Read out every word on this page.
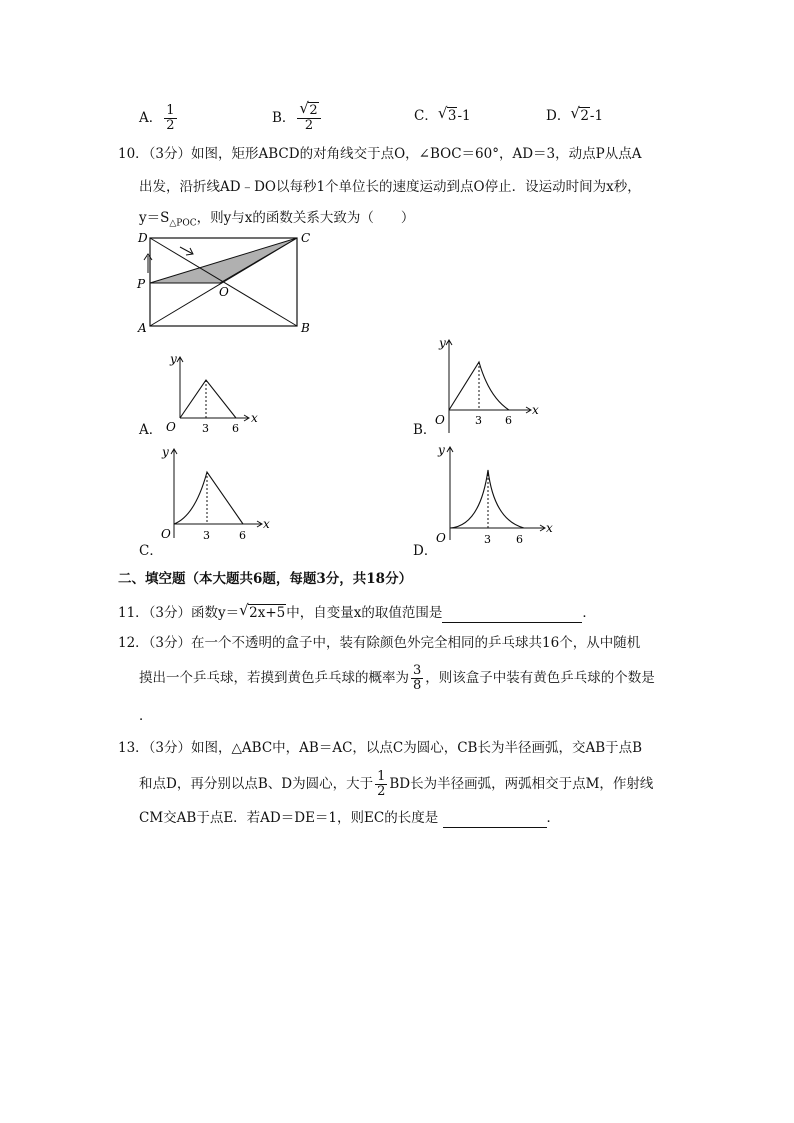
A． $\frac{1}{2}$	B． $\frac{√ 2}{2}$	C． √ 3-1	D． √ 2-1
10．（3分）如图，矩形ABCD的对角线交于点O，∠BOC＝60°，AD＝3，动点P从点A
出发，沿折线AD﹣DO以每秒1个单位长的速度运动到点O停止．设运动时间为x秒，
$y=S_{\triangle POC}$，则y与x的函数关系大致为（　　）
D	C
P
O
A	B
A．
y
x
O 3 6	B．
y
x
O	3 6
C．
y
x
O	3	6
D．
y
x
O	3 6
二、填空题（本大题共6题，每题3分，共18分）
11．（3分）函数y＝ √ 2x+5中，自变量x的取值范围是	．
12．（3分）在一个不透明的盒子中，装有除颜色外完全相同的乒乓球共16个，从中随机
摸出一个乒乓球，若摸到黄色乒乓球的概率为 $\frac{3}{8}$ ，则该盒子中装有黄色乒乓球的个数是
．
13．（3分）如图，△ABC中，AB＝AC，以点C为圆心，CB长为半径画弧，交AB于点B
和点D，再分别以点B、D为圆心，大于 $\frac{1}{2}$ BD长为半径画弧，两弧相交于点M，作射线
CM交AB于点E．若AD＝DE＝1，则EC的长度是	．
